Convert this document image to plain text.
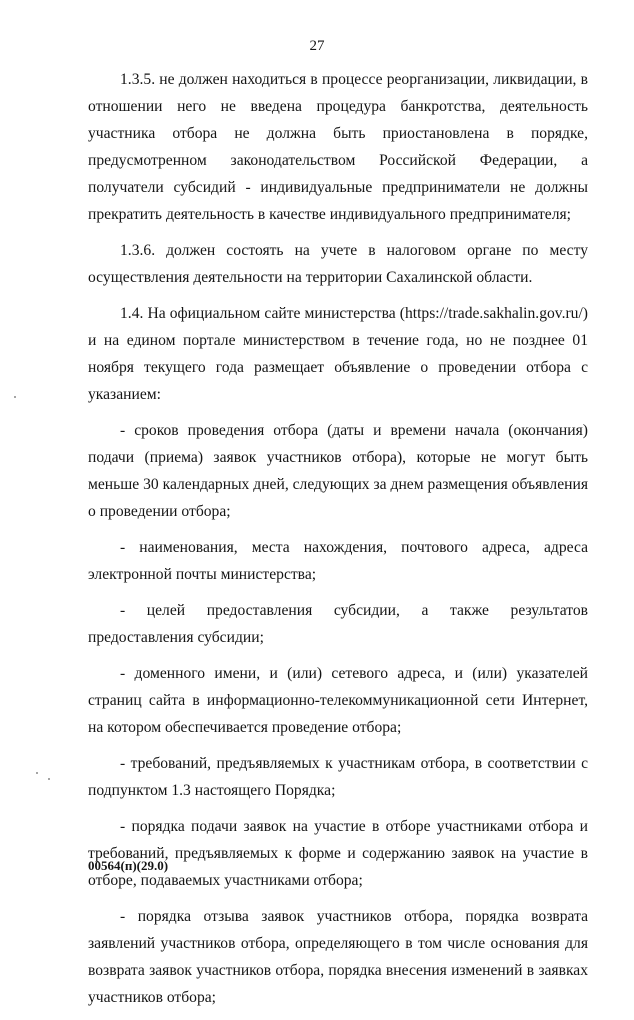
27

1.3.5. не должен находиться в процессе реорганизации, ликвидации, в отношении него не введена процедура банкротства, деятельность участника отбора не должна быть приостановлена в порядке, предусмотренном законодательством Российской Федерации, а получатели субсидий - индивидуальные предприниматели не должны прекратить деятельность в качестве индивидуального предпринимателя;

1.3.6. должен состоять на учете в налоговом органе по месту осуществления деятельности на территории Сахалинской области.

1.4. На официальном сайте министерства (https://trade.sakhalin.gov.ru/) и на едином портале министерством в течение года, но не позднее 01 ноября текущего года размещает объявление о проведении отбора с указанием:

- сроков проведения отбора (даты и времени начала (окончания) подачи (приема) заявок участников отбора), которые не могут быть меньше 30 календарных дней, следующих за днем размещения объявления о проведении отбора;

- наименования, места нахождения, почтового адреса, адреса электронной почты министерства;

- целей предоставления субсидии, а также результатов предоставления субсидии;

- доменного имени, и (или) сетевого адреса, и (или) указателей страниц сайта в информационно-телекоммуникационной сети Интернет, на котором обеспечивается проведение отбора;

- требований, предъявляемых к участникам отбора, в соответствии с подпунктом 1.3 настоящего Порядка;

- порядка подачи заявок на участие в отборе участниками отбора и требований, предъявляемых к форме и содержанию заявок на участие в отборе, подаваемых участниками отбора;

- порядка отзыва заявок участников отбора, порядка возврата заявлений участников отбора, определяющего в том числе основания для возврата заявок участников отбора, порядка внесения изменений в заявках участников отбора;

00564(п)(29.0)
